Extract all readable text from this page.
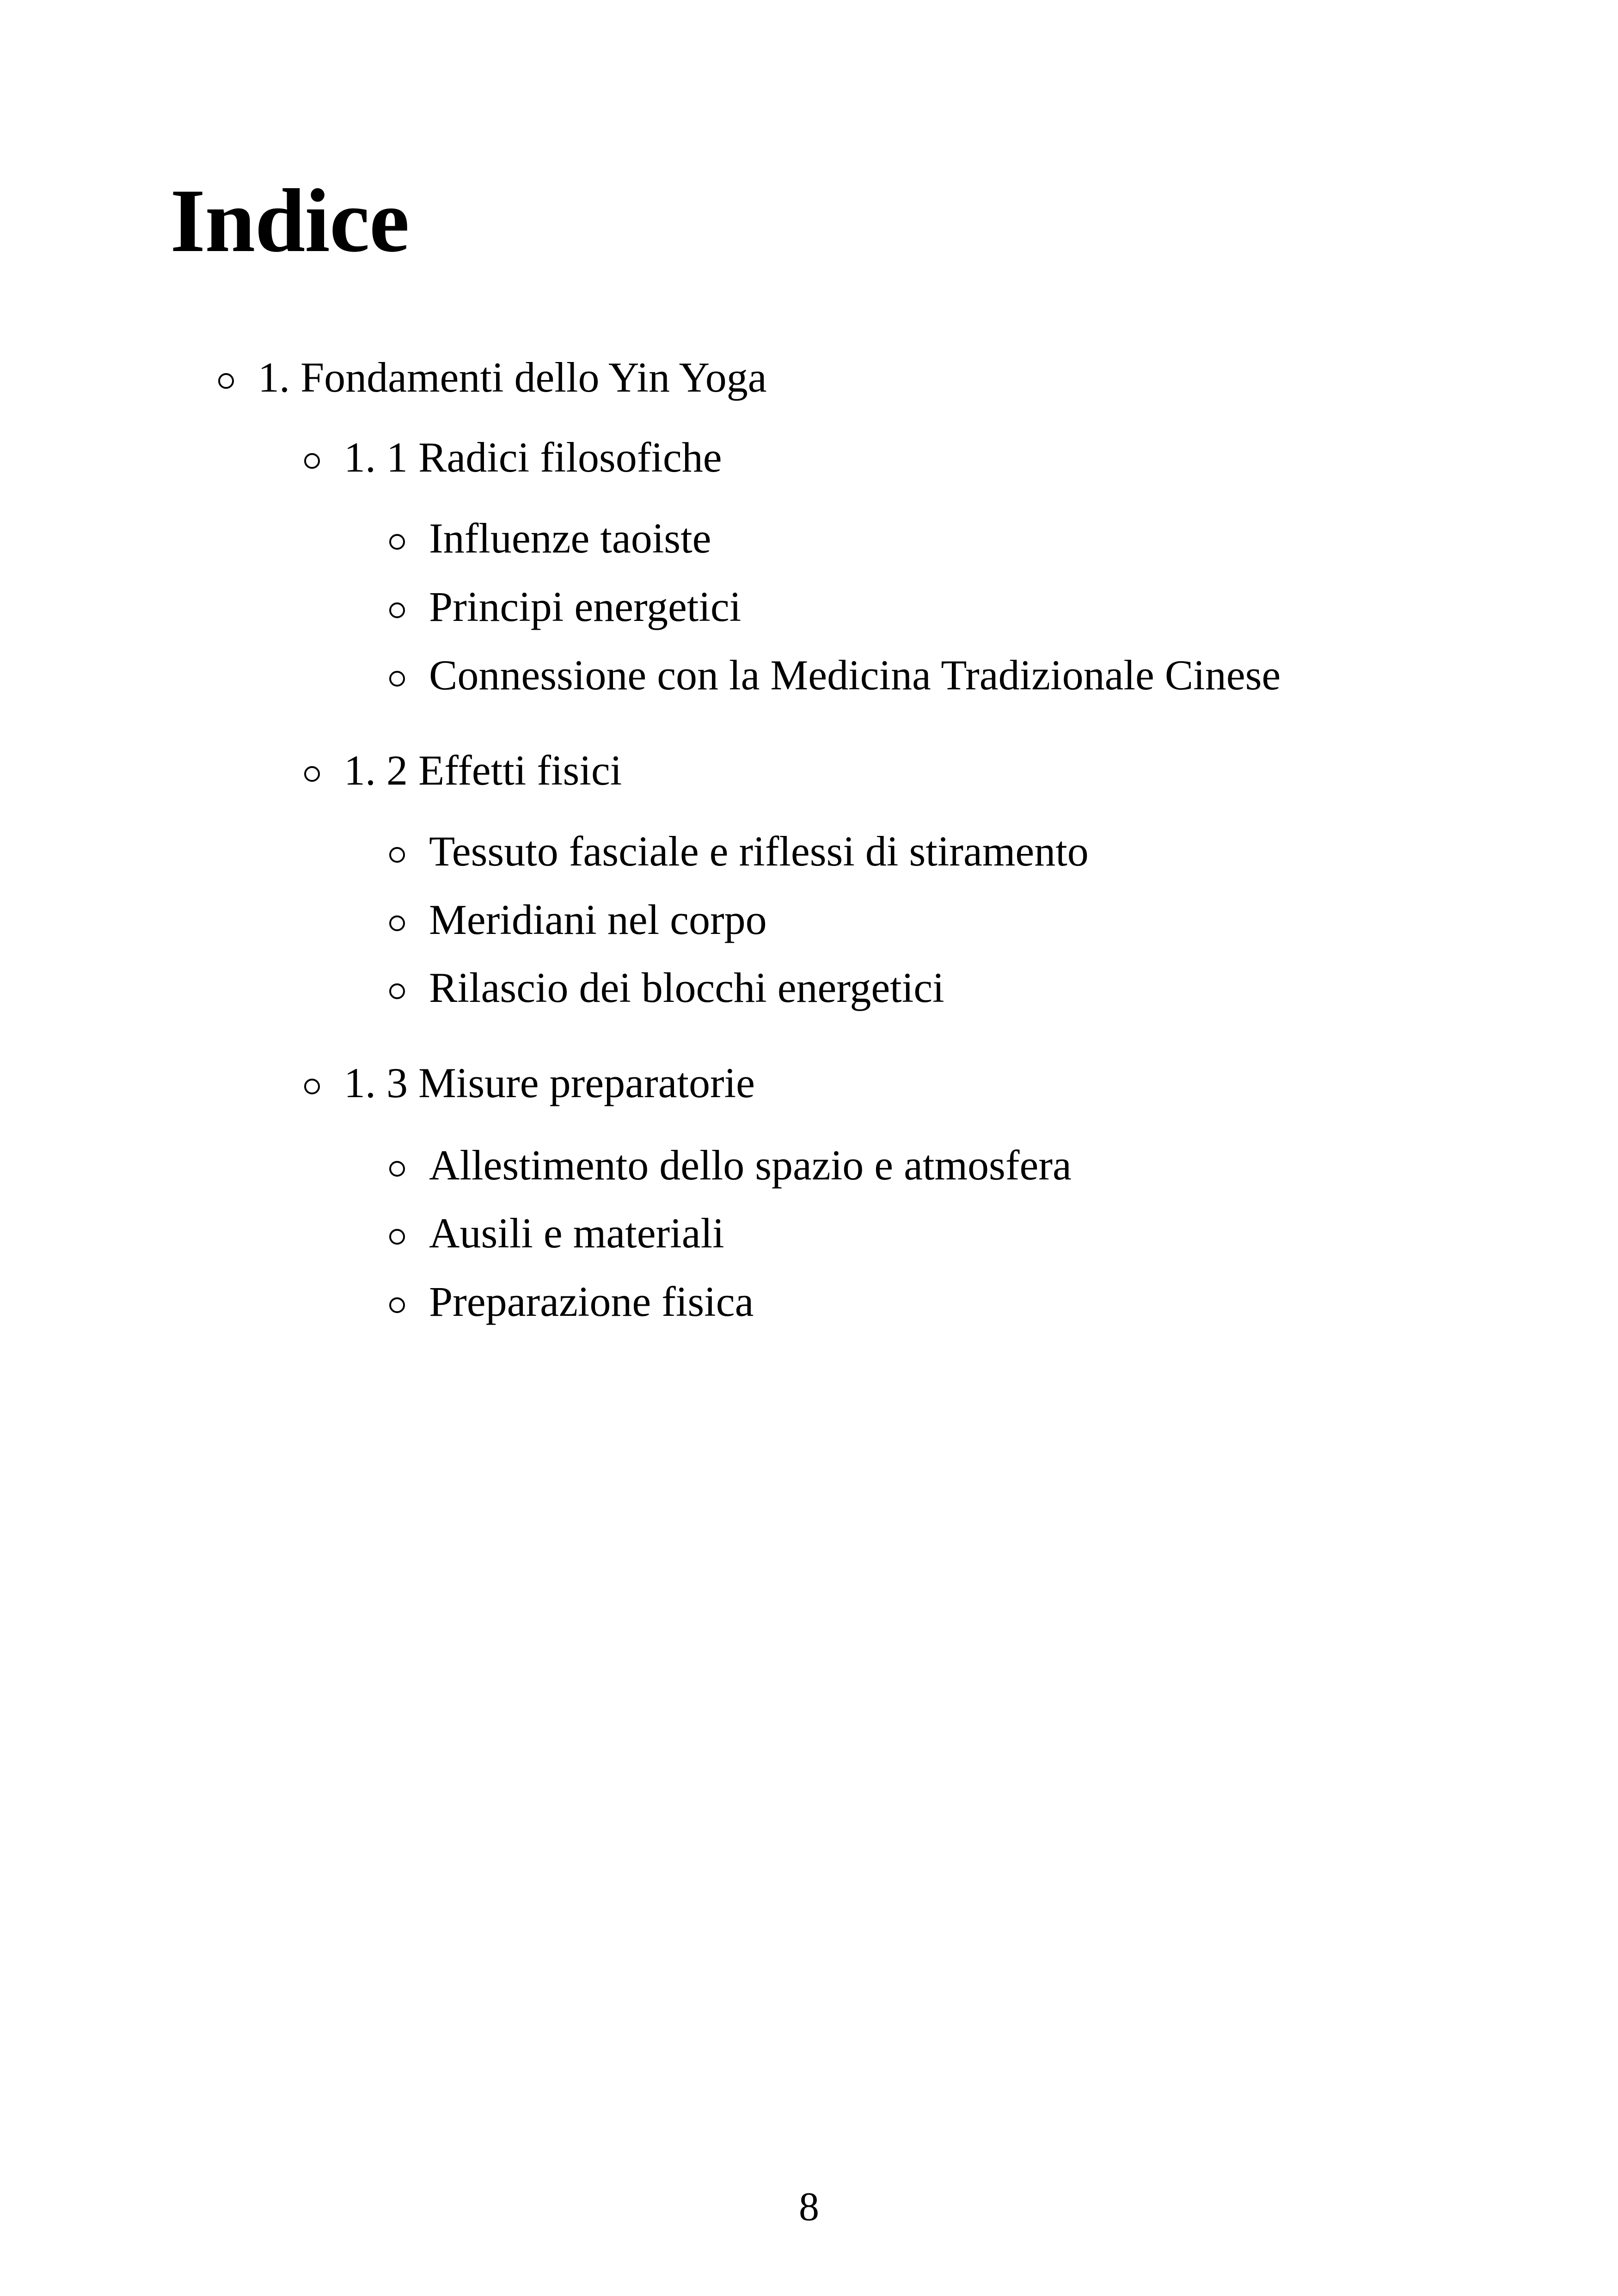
Indice
1. Fondamenti dello Yin Yoga
1. 1 Radici filosofiche
Influenze taoiste
Principi energetici
Connessione con la Medicina Tradizionale Cinese
1. 2 Effetti fisici
Tessuto fasciale e riflessi di stiramento
Meridiani nel corpo
Rilascio dei blocchi energetici
1. 3 Misure preparatorie
Allestimento dello spazio e atmosfera
Ausili e materiali
Preparazione fisica
8
